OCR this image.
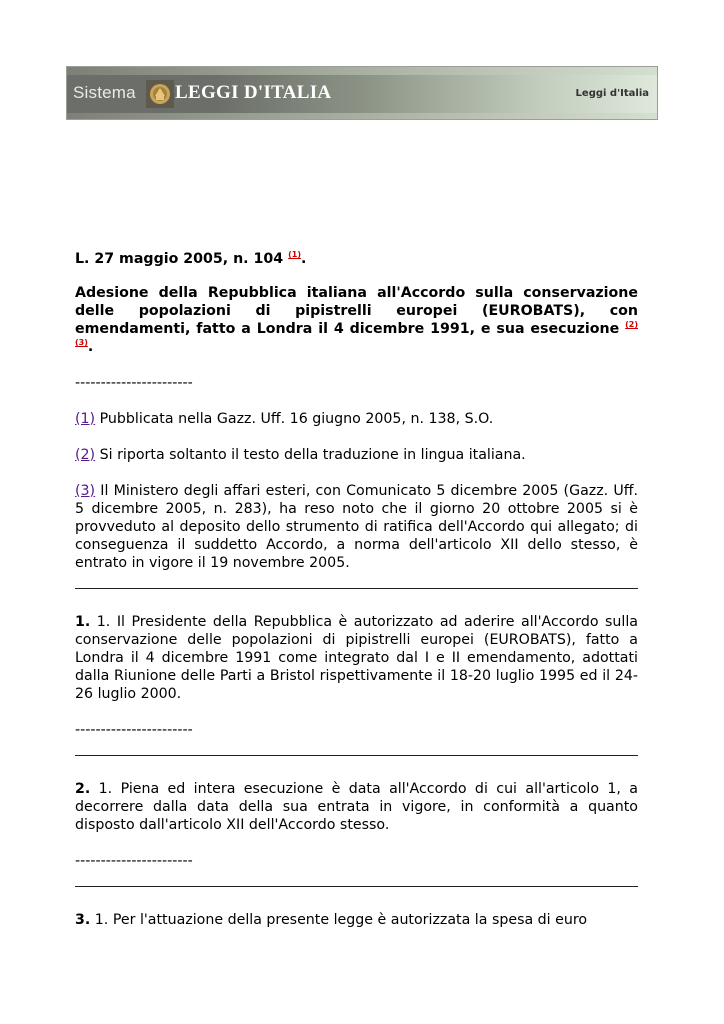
Sistema LEGGI D'ITALIA	Leggi d'Italia

L. 27 maggio 2005, n. 104 $^{(1)}$.

Adesione della Repubblica italiana all'Accordo sulla conservazione delle popolazioni di pipistrelli europei (EUROBATS), con emendamenti, fatto a Londra il 4 dicembre 1991, e sua esecuzione $^{(2) (3)}$.

-----------------------

(1) Pubblicata nella Gazz. Uff. 16 giugno 2005, n. 138, S.O.

(2) Si riporta soltanto il testo della traduzione in lingua italiana.

(3) Il Ministero degli affari esteri, con Comunicato 5 dicembre 2005 (Gazz. Uff. 5 dicembre 2005, n. 283), ha reso noto che il giorno 20 ottobre 2005 si è provveduto al deposito dello strumento di ratifica dell'Accordo qui allegato; di conseguenza il suddetto Accordo, a norma dell'articolo XII dello stesso, è entrato in vigore il 19 novembre 2005.

1. 1. Il Presidente della Repubblica è autorizzato ad aderire all'Accordo sulla conservazione delle popolazioni di pipistrelli europei (EUROBATS), fatto a Londra il 4 dicembre 1991 come integrato dal I e II emendamento, adottati dalla Riunione delle Parti a Bristol rispettivamente il 18-20 luglio 1995 ed il 24-26 luglio 2000.

-----------------------

2. 1. Piena ed intera esecuzione è data all'Accordo di cui all'articolo 1, a decorrere dalla data della sua entrata in vigore, in conformità a quanto disposto dall'articolo XII dell'Accordo stesso.

-----------------------

3. 1. Per l'attuazione della presente legge è autorizzata la spesa di euro
